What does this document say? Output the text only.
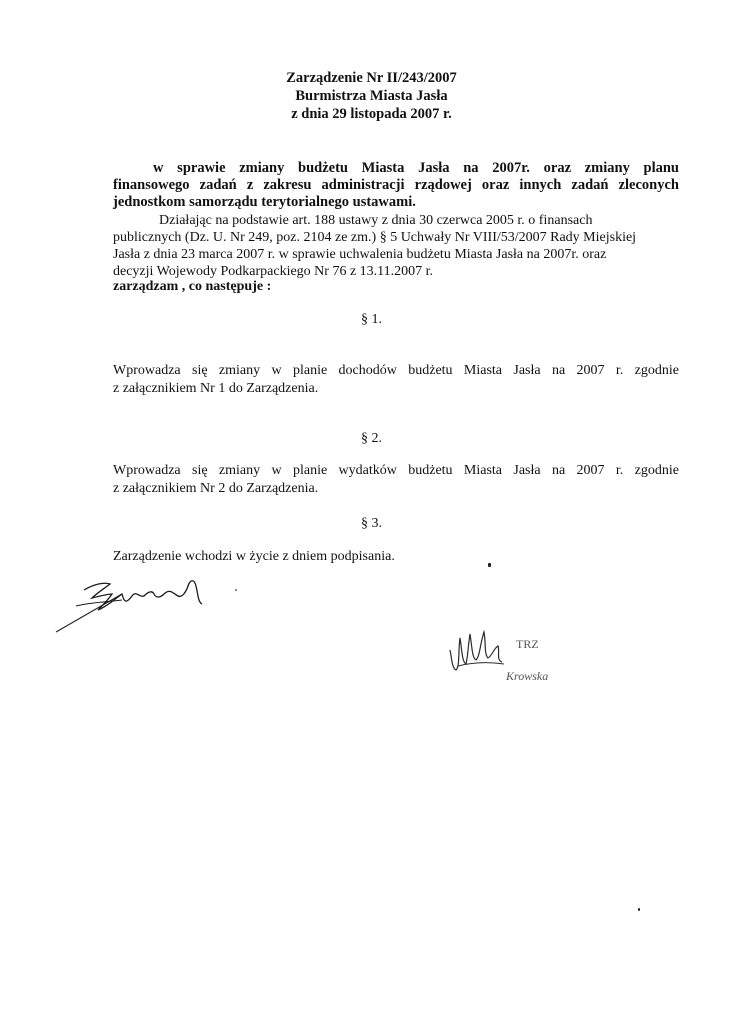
Zarządzenie Nr II/243/2007
Burmistrza Miasta Jasła
z dnia 29 listopada 2007 r.
w sprawie zmiany budżetu Miasta Jasła na 2007r. oraz zmiany planu
finansowego zadań z zakresu administracji rządowej oraz innych zadań zleconych
jednostkom samorządu terytorialnego ustawami.
Działając na podstawie art. 188 ustawy z dnia 30 czerwca 2005 r. o finansach
publicznych (Dz. U. Nr 249, poz. 2104 ze zm.) § 5 Uchwały Nr VIII/53/2007 Rady Miejskiej
Jasła z dnia 23 marca 2007 r. w sprawie uchwalenia budżetu Miasta Jasła na 2007r. oraz
decyzji Wojewody Podkarpackiego Nr 76 z 13.11.2007 r.
zarządzam , co następuje :
§ 1.
Wprowadza się zmiany w planie dochodów budżetu Miasta Jasła na 2007 r. zgodnie
z załącznikiem Nr 1 do Zarządzenia.
§ 2.
Wprowadza się zmiany w planie wydatków budżetu Miasta Jasła na 2007 r. zgodnie
z załącznikiem Nr 2 do Zarządzenia.
§ 3.
Zarządzenie wchodzi w życie z dniem podpisania.
TRZ
Krowska
